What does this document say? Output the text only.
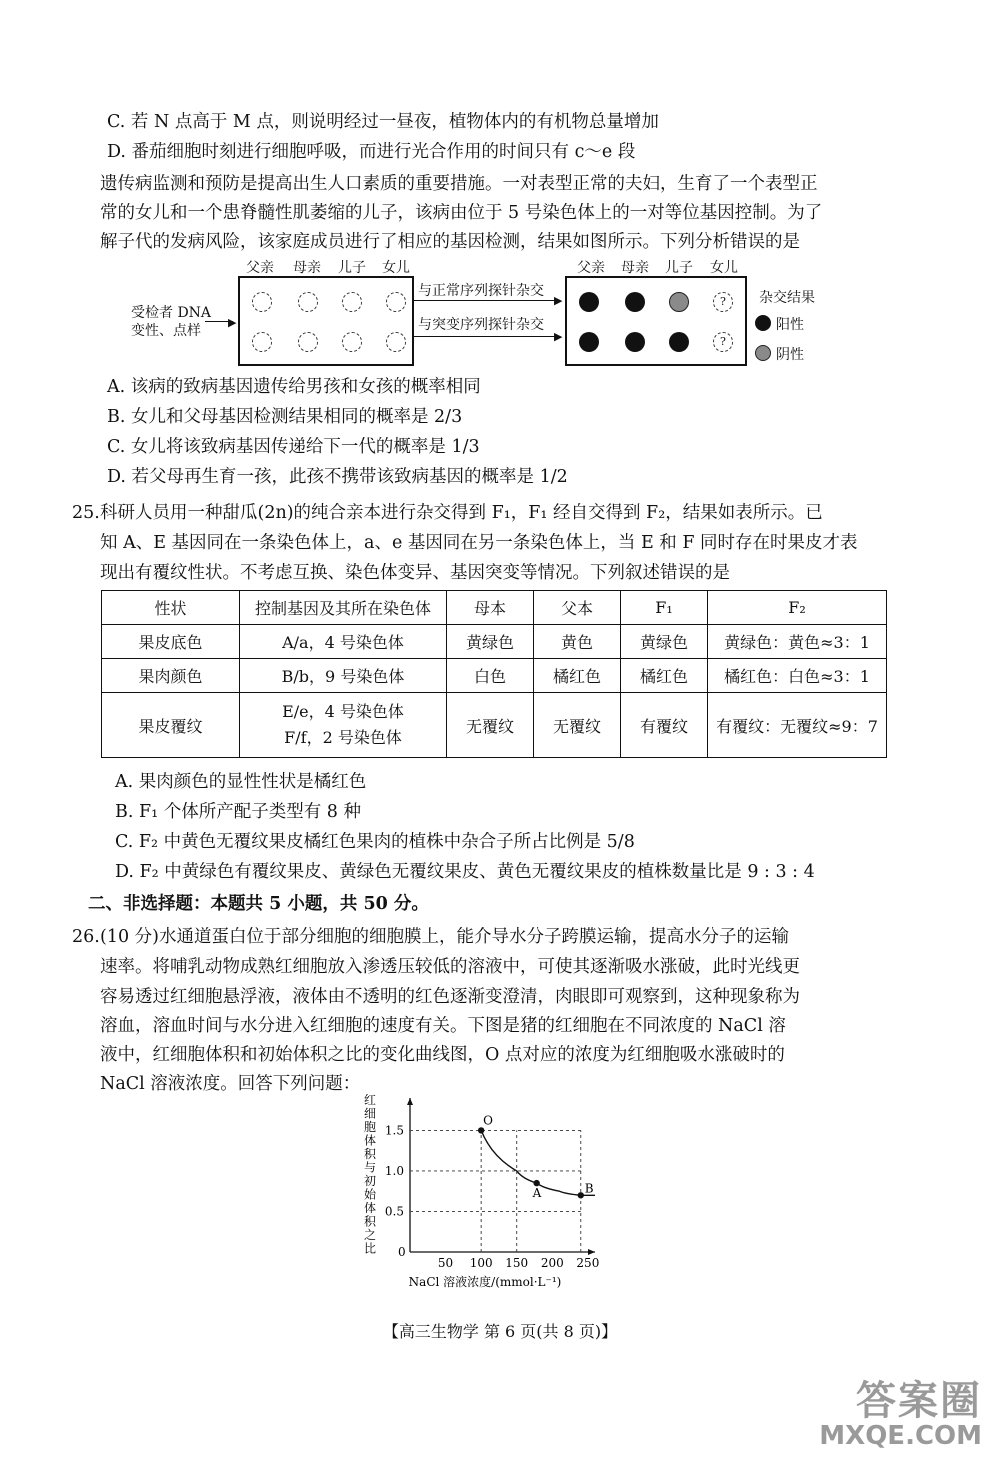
C. 若 N 点高于 M 点，则说明经过一昼夜，植物体内的有机物总量增加
D. 番茄细胞时刻进行细胞呼吸，而进行光合作用的时间只有 c～e 段
遗传病监测和预防是提高出生人口素质的重要措施。一对表型正常的夫妇，生育了一个表型正
常的女儿和一个患脊髓性肌萎缩的儿子，该病由位于 5 号染色体上的一对等位基因控制。为了
解子代的发病风险，该家庭成员进行了相应的基因检测，结果如图所示。下列分析错误的是
父亲 母亲 儿子 女儿
受检者 DNA
变性、点样
▶
与正常序列探针杂交
▶
与突变序列探针杂交
▶
父亲 母亲 儿子 女儿
?
?
杂交结果
阳性
阴性
A. 该病的致病基因遗传给男孩和女孩的概率相同
B. 女儿和父母基因检测结果相同的概率是 2/3
C. 女儿将该致病基因传递给下一代的概率是 1/3
D. 若父母再生育一孩，此孩不携带该致病基因的概率是 1/2
25. 科研人员用一种甜瓜(2n)的纯合亲本进行杂交得到 F₁，F₁ 经自交得到 F₂，结果如表所示。已
知 A、E 基因同在一条染色体上，a、e 基因同在另一条染色体上，当 E 和 F 同时存在时果皮才表
现出有覆纹性状。不考虑互换、染色体变异、基因突变等情况。下列叙述错误的是
性状	控制基因及其所在染色体	母本	父本	F₁	F₂
果皮底色	A/a，4 号染色体	黄绿色	黄色	黄绿色	黄绿色：黄色≈3：1
果肉颜色	B/b，9 号染色体	白色	橘红色	橘红色	橘红色：白色≈3：1
果皮覆纹	E/e，4 号染色体
F/f，2 号染色体	无覆纹	无覆纹	有覆纹	有覆纹：无覆纹≈9：7
A. 果肉颜色的显性性状是橘红色
B. F₁ 个体所产配子类型有 8 种
C. F₂ 中黄色无覆纹果皮橘红色果肉的植株中杂合子所占比例是 5/8
D. F₂ 中黄绿色有覆纹果皮、黄绿色无覆纹果皮、黄色无覆纹果皮的植株数量比是 9 : 3 : 4
二、非选择题：本题共 5 小题，共 50 分。
26. (10 分)水通道蛋白位于部分细胞的细胞膜上，能介导水分子跨膜运输，提高水分子的运输
速率。将哺乳动物成熟红细胞放入渗透压较低的溶液中，可使其逐渐吸水涨破，此时光线更
容易透过红细胞悬浮液，液体由不透明的红色逐渐变澄清，肉眼即可观察到，这种现象称为
溶血，溶血时间与水分进入红细胞的速度有关。下图是猪的红细胞在不同浓度的 NaCl 溶
液中，红细胞体积和初始体积之比的变化曲线图，O 点对应的浓度为红细胞吸水涨破时的
NaCl 溶液浓度。回答下列问题：
红
细
胞
体
积
与
初
始
体
积
之
比
NaCl 溶液浓度/(mmol·L⁻¹)
0
50 100 150 200 250
0.5
1.0
1.5
O
A	B
【高三生物学 第 6 页(共 8 页)】
答案圈
MXQE.COM
